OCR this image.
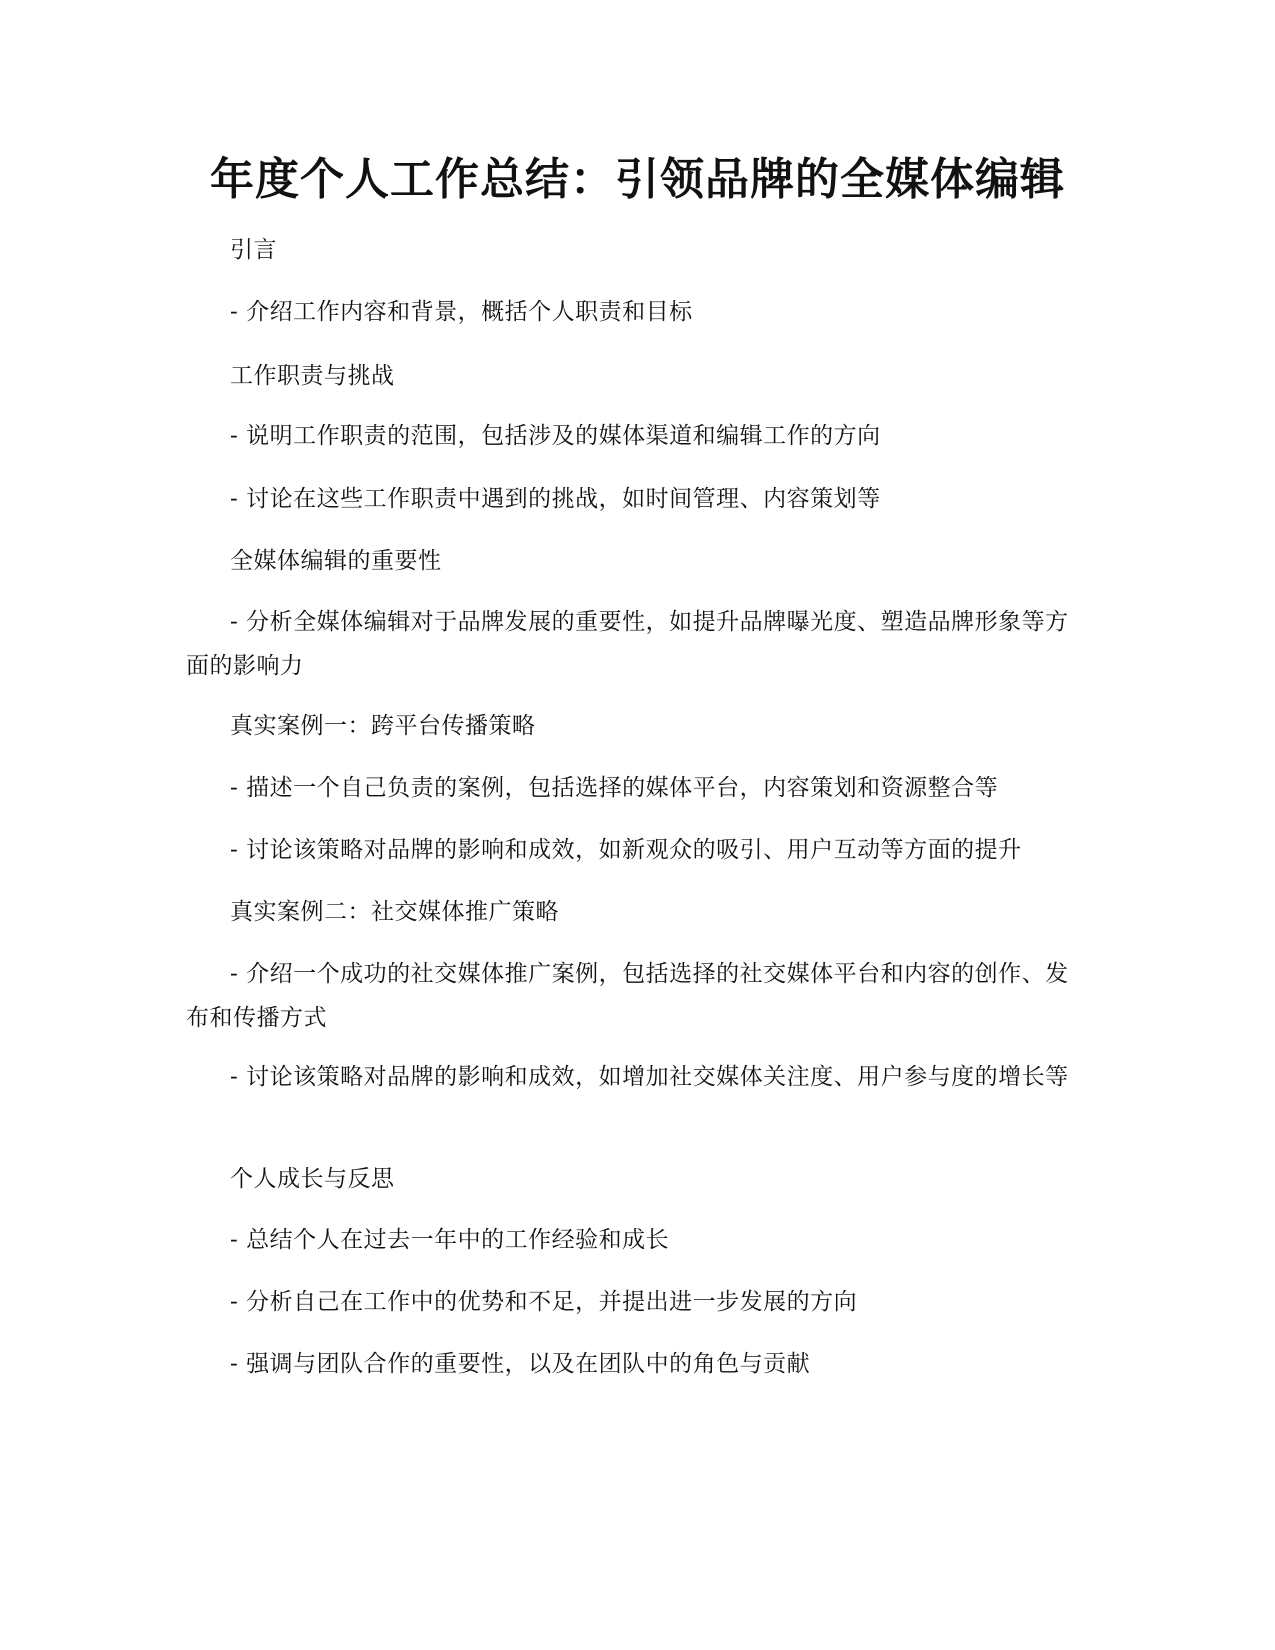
年度个人工作总结：引领品牌的全媒体编辑

引言

- 介绍工作内容和背景，概括个人职责和目标

工作职责与挑战

- 说明工作职责的范围，包括涉及的媒体渠道和编辑工作的方向

- 讨论在这些工作职责中遇到的挑战，如时间管理、内容策划等

全媒体编辑的重要性

- 分析全媒体编辑对于品牌发展的重要性，如提升品牌曝光度、塑造品牌形象等方面的影响力

真实案例一：跨平台传播策略

- 描述一个自己负责的案例，包括选择的媒体平台，内容策划和资源整合等

- 讨论该策略对品牌的影响和成效，如新观众的吸引、用户互动等方面的提升

真实案例二：社交媒体推广策略

- 介绍一个成功的社交媒体推广案例，包括选择的社交媒体平台和内容的创作、发布和传播方式

- 讨论该策略对品牌的影响和成效，如增加社交媒体关注度、用户参与度的增长等

个人成长与反思

- 总结个人在过去一年中的工作经验和成长

- 分析自己在工作中的优势和不足，并提出进一步发展的方向

- 强调与团队合作的重要性，以及在团队中的角色与贡献
